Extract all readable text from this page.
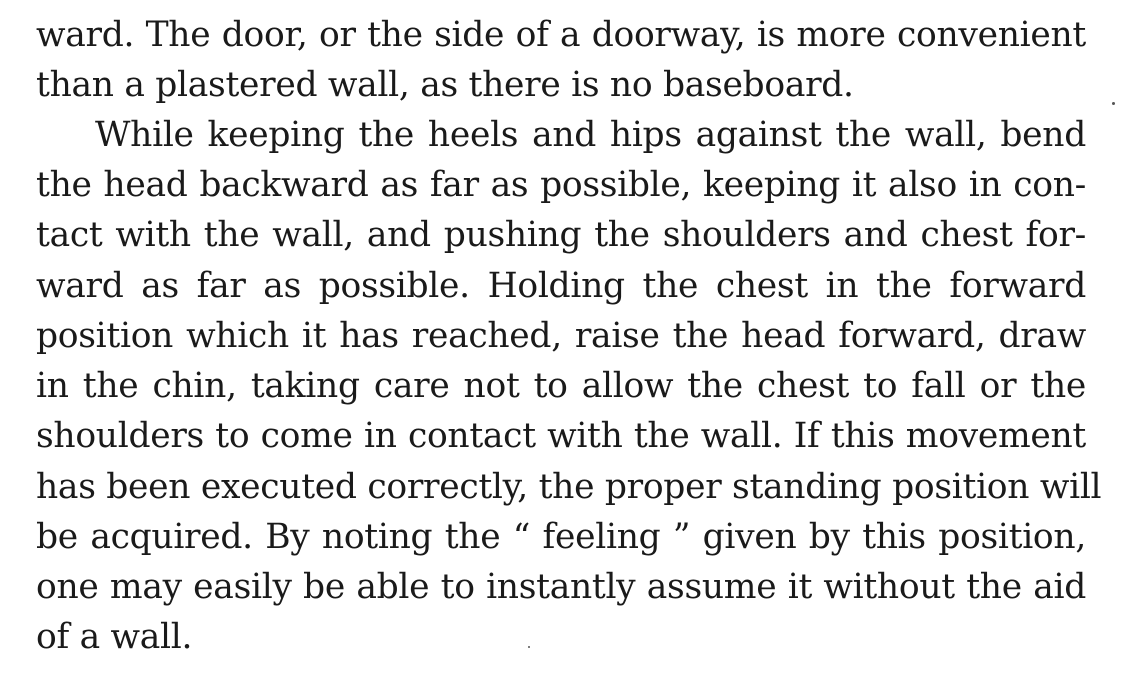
ward. The door, or the side of a doorway, is more convenient
than a plastered wall, as there is no baseboard.
While keeping the heels and hips against the wall, bend
the head backward as far as possible, keeping it also in con-
tact with the wall, and pushing the shoulders and chest for-
ward as far as possible. Holding the chest in the forward
position which it has reached, raise the head forward, draw
in the chin, taking care not to allow the chest to fall or the
shoulders to come in contact with the wall. If this movement
has been executed correctly, the proper standing position will
be acquired. By noting the “ feeling ” given by this position,
one may easily be able to instantly assume it without the aid
of a wall.
